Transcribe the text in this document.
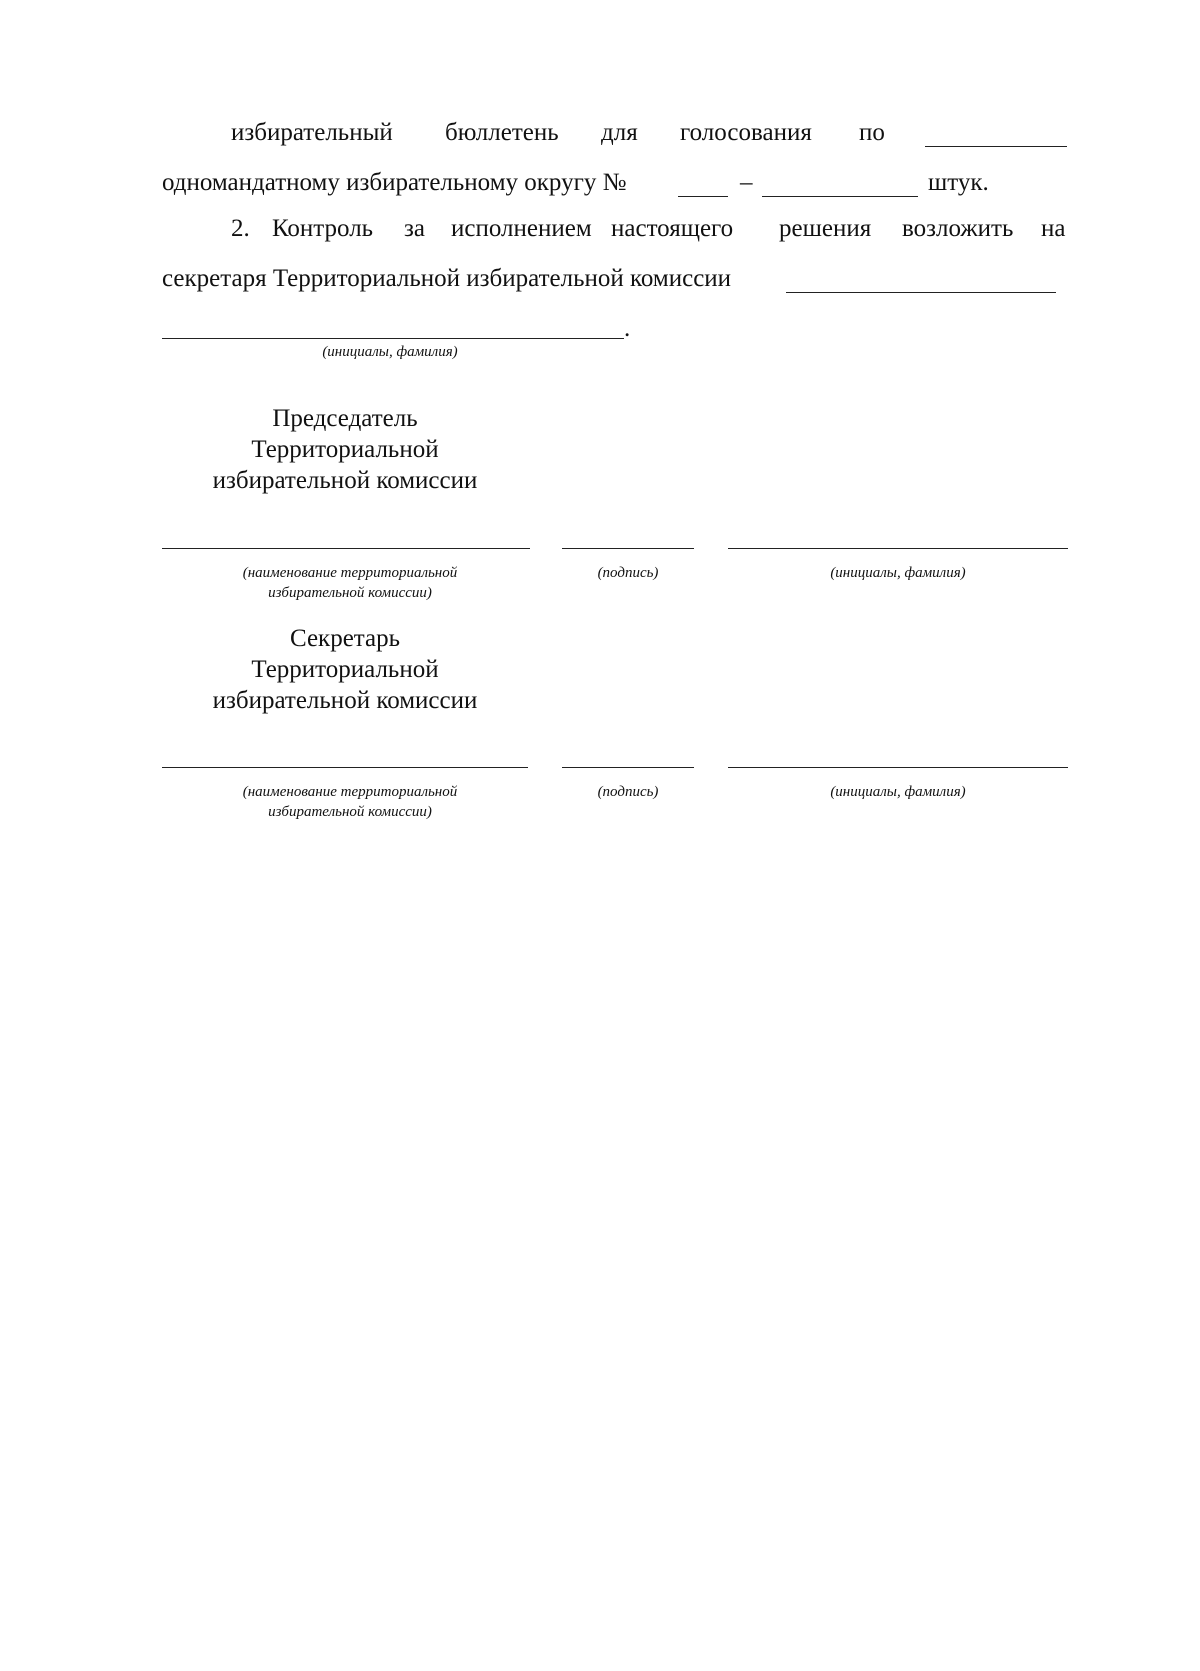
избирательный бюллетень для голосования по
одномандатному избирательному округу №	–	штук.
2. Контроль за исполнением настоящего решения возложить на
секретаря Территориальной избирательной комиссии
.
(инициалы, фамилия)
Председатель
Территориальной
избирательной комиссии
(наименование территориальной
избирательной комиссии)
(подпись)	(инициалы, фамилия)
Секретарь
Территориальной
избирательной комиссии
(наименование территориальной
избирательной комиссии)
(подпись)	(инициалы, фамилия)
